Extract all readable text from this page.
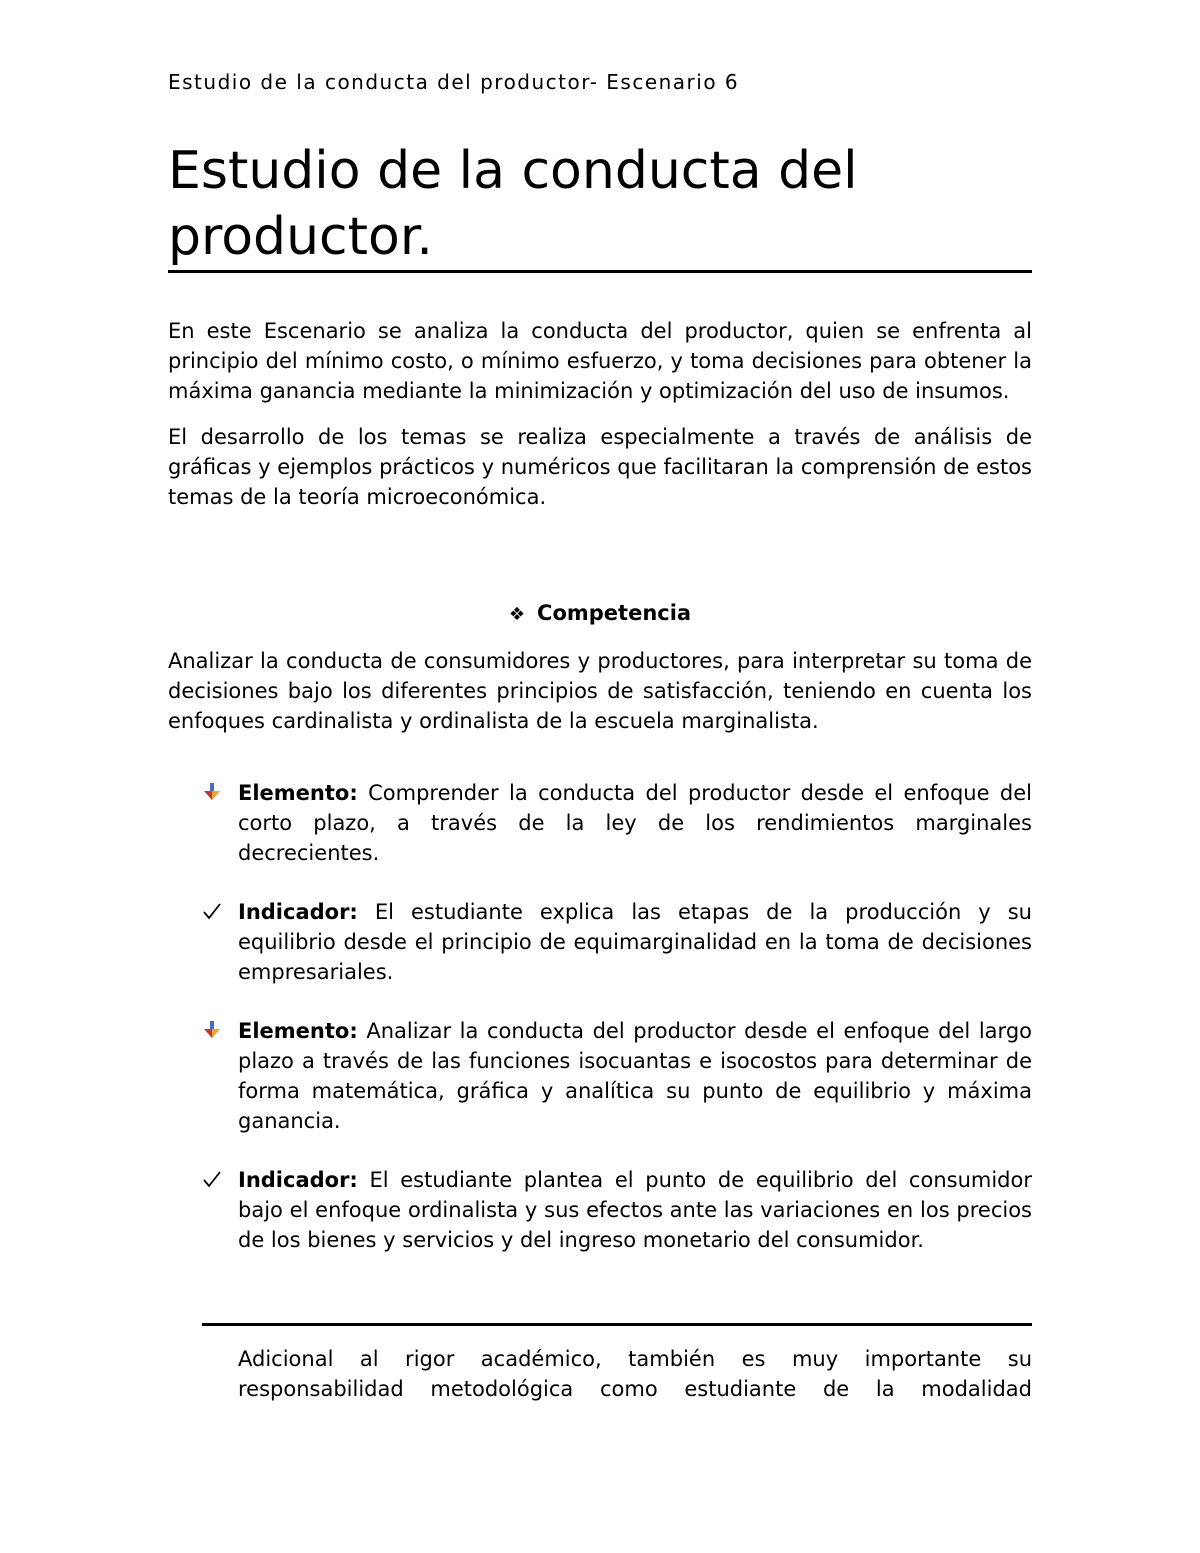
Estudio de la conducta del productor- Escenario 6
Estudio de la conducta del productor.

En este Escenario se analiza la conducta del productor, quien se enfrenta al principio del mínimo costo, o mínimo esfuerzo, y toma decisiones para obtener la máxima ganancia mediante la minimización y optimización del uso de insumos.

El desarrollo de los temas se realiza especialmente a través de análisis de gráficas y ejemplos prácticos y numéricos que facilitaran la comprensión de estos temas de la teoría microeconómica.

❖ Competencia

Analizar la conducta de consumidores y productores, para interpretar su toma de decisiones bajo los diferentes principios de satisfacción, teniendo en cuenta los enfoques cardinalista y ordinalista de la escuela marginalista.

Elemento: Comprender la conducta del productor desde el enfoque del corto plazo, a través de la ley de los rendimientos marginales decrecientes.

Indicador: El estudiante explica las etapas de la producción y su equilibrio desde el principio de equimarginalidad en la toma de decisiones empresariales.

Elemento: Analizar la conducta del productor desde el enfoque del largo plazo a través de las funciones isocuantas e isocostos para determinar de forma matemática, gráfica y analítica su punto de equilibrio y máxima ganancia.

Indicador: El estudiante plantea el punto de equilibrio del consumidor bajo el enfoque ordinalista y sus efectos ante las variaciones en los precios de los bienes y servicios y del ingreso monetario del consumidor.

Adicional al rigor académico, también es muy importante su responsabilidad metodológica como estudiante de la modalidad
